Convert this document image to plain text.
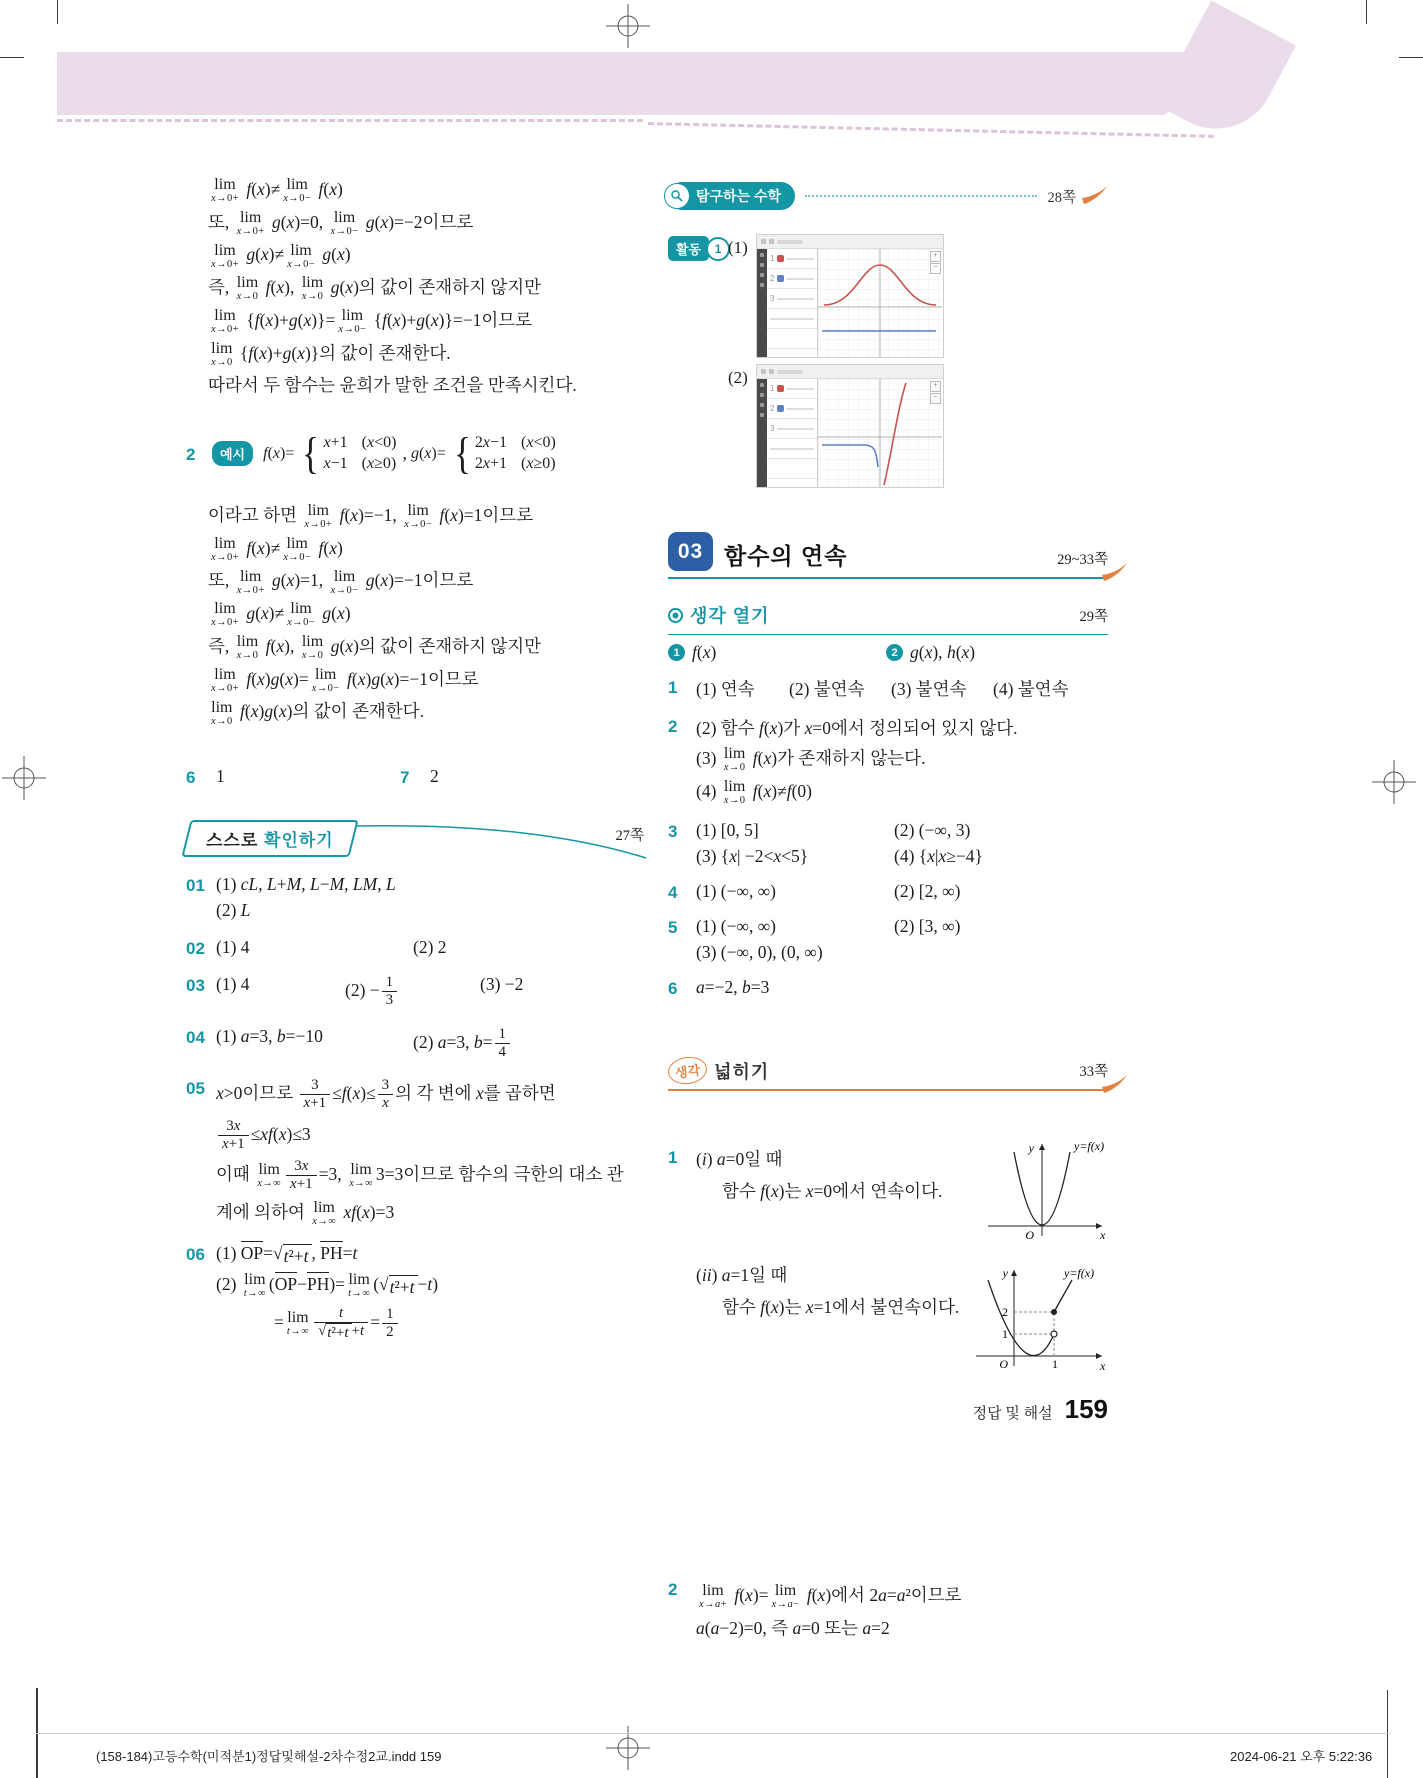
lim
x→0+ f(x)≠ lim
x→0− f(x)
또, lim
x→0+ g(x)=0, lim
x→0− g(x)=−2이므로
lim
x→0+ g(x)≠ lim
x→0− g(x)
즉, lim
x→0 f(x), lim
x→0 g(x)의 값이 존재하지 않지만
lim
x→0+ {f(x)+g(x)}= lim
x→0− {f(x)+g(x)}=−1이므로
lim
x→0 {f(x)+g(x)}의 값이 존재한다.
따라서 두 함수는 윤희가 말한 조건을 만족시킨다.
2	예시	f ( x )= { x+1 (x<0)
x−1 (x≥0)
, g ( x )= { 2x−1 (x<0)
2x+1 (x≥0)
이라고 하면 lim
x→0+ f(x)=−1, lim
x→0− f(x)=1이므로
lim
x→0+ f(x)≠ lim
x→0− f(x)
또, lim
x→0+ g(x)=1, lim
x→0− g(x)=−1이므로
lim
x→0+ g(x)≠ lim
x→0− g(x)
즉, lim
x→0 f(x), lim
x→0 g(x)의 값이 존재하지 않지만
lim
x→0+ f(x)g(x)= lim
x→0− f(x)g(x)=−1이므로
lim
x→0 f(x)g(x)의 값이 존재한다.
6	1	7	2
스스로 확인하기	27쪽
01 (1) cL, L+M, L−M, LM, L
(2) L
02 (1) 4	(2) 2
03 (1) 4	$(2) - \frac{1}{3}$	(3) −2
04 (1) a=3, b=−10	(2) a=3, $b= \frac{1}{4}$
05 x>0이므로 $\frac{3}{x+1} \le f(x)\le \frac{3}{x}$ 의 각 변에 x를 곱하면
$\frac{3x}{x+1} \le xf(x)\le 3$
이때 lim
$x\to\infty \frac{3x}{x+1} =3$, lim
x→∞ 3=3이므로 함수의 극한의 대소 관
계에 의하여 lim
x→∞ xf(x)=3
06 (1) OP= √ t²+t , PH=t
(2) lim
t→∞ (OP−PH)= lim
t→∞ ( √ t²+t −t)
= lim
$t\to\infty \frac{t}{\text{√ t²+t +t}} = \frac{1}{2}$
탐구하는 수학	28쪽
활동	1 (1)
1
2
3
+
−
(2)
1
2
3
+
−
03 함수의 연속	29~33쪽
생각 열기	29쪽
1 f(x)	2 g(x), h(x)
1	(1) 연속	(2) 불연속	(3) 불연속	(4) 불연속
2	(2) 함수 f(x)가 x=0에서 정의되어 있지 않다.
(3) lim
x→0 f(x)가 존재하지 않는다.
(4) lim
x→0 f(x)≠f(0)
3	(1) [0, 5]	(2) (−∞, 3)
(3) {x| −2<x<5}	(4) {x|x≥−4}
4	(1) (−∞, ∞)	(2) [2, ∞)
5	(1) (−∞, ∞)	(2) [3, ∞)
(3) (−∞, 0), (0, ∞)
6	a=−2, b=3
생각 넓히기	33쪽
1	(i) a=0일 때
함수 f(x)는 x=0에서 연속이다.
(ii) a=1일 때
함수 f(x)는 x=1에서 불연속이다.
y
x
O
y=f(x)
y
x
O	1
1
2
y=f(x)
2	lim
x→a+ f(x)= lim
x→a− f(x)에서 2a=a²이므로
a(a−2)=0, 즉 a=0 또는 a=2
정답 및 해설 159
(158-184)고등수학(미적분1)정답및해설-2차수정2교.indd 159	2024-06-21 오후 5:22:36
